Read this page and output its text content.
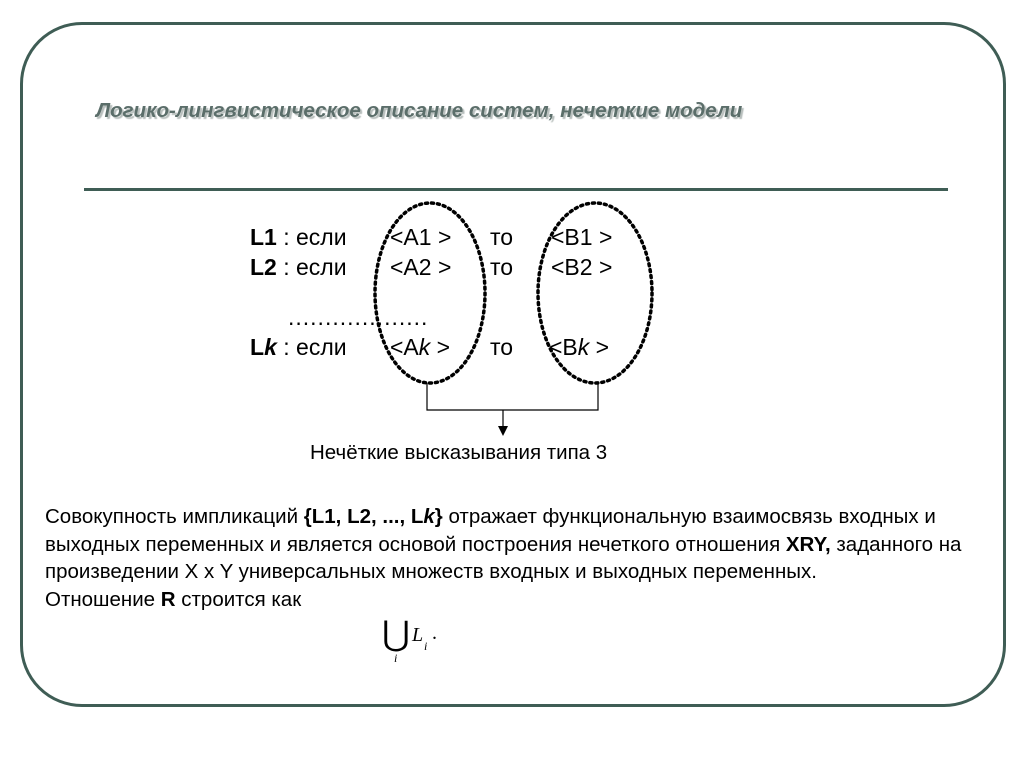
Логико-лингвистическое описание систем, нечеткие модели
L1 : если <A1 > то <B1 >
L2 : если <A2 > то <B2 >
...................
Lk : если <Ak > то <Bk >
Нечёткие высказывания типа 3
Совокупность импликаций {L1, L2, ..., Lk} отражает функциональную взаимосвязь входных и выходных переменных и является основой построения нечеткого отношения XRY, заданного на произведении X x Y универсальных множеств входных и выходных переменных.
Отношение R строится как
⋃
i
L i
.
